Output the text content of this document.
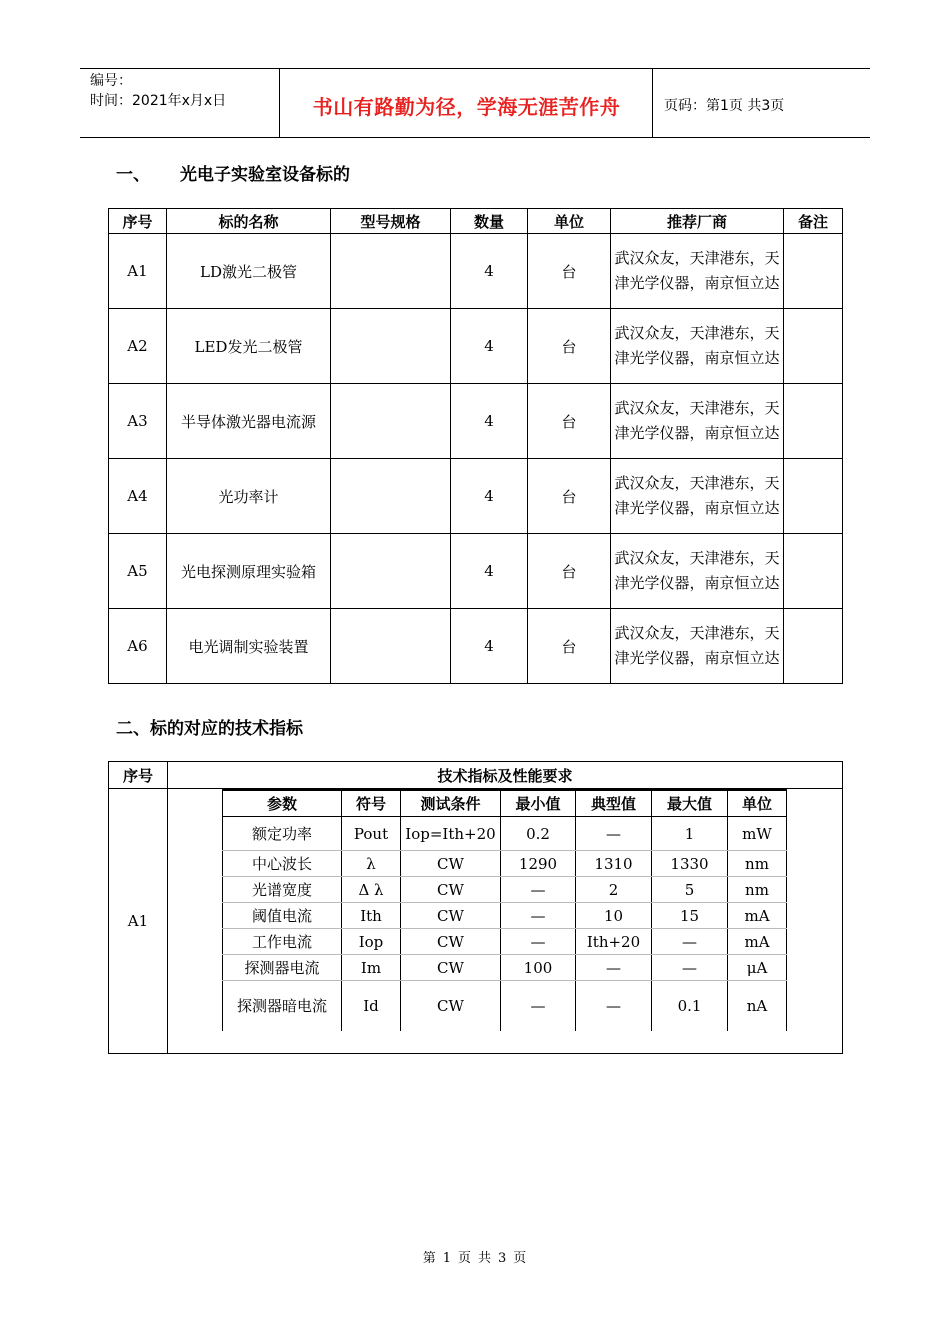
编号：
时间：2021年x月x日	书山有路勤为径，学海无涯苦作舟	页码：第1页 共3页
一、 光电子实验室设备标的
序号	标的名称	型号规格	数量	单位	推荐厂商	备注
A1	LD激光二极管		4	台	武汉众友，天津港东，天津光学仪器，南京恒立达	
A2	LED发光二极管		4	台	武汉众友，天津港东，天津光学仪器，南京恒立达	
A3	半导体激光器电流源		4	台	武汉众友，天津港东，天津光学仪器，南京恒立达	
A4	光功率计		4	台	武汉众友，天津港东，天津光学仪器，南京恒立达	
A5	光电探测原理实验箱		4	台	武汉众友，天津港东，天津光学仪器，南京恒立达	
A6	电光调制实验装置		4	台	武汉众友，天津港东，天津光学仪器，南京恒立达	
二、标的对应的技术指标
序号	技术指标及性能要求
A1	
参数	符号	测试条件	最小值	典型值	最大值	单位
额定功率	Pout	Iop=Ith+20	0.2	—	1	mW
中心波长	λ	CW	1290	1310	1330	nm
光谱宽度	Δ λ	CW	—	2	5	nm
阈值电流	Ith	CW	—	10	15	mA
工作电流	Iop	CW	—	Ith+20	—	mA
探测器电流	Im	CW	100	—	—	μA
探测器暗电流	Id	CW	—	—	0.1	nA
第 1 页 共 3 页
